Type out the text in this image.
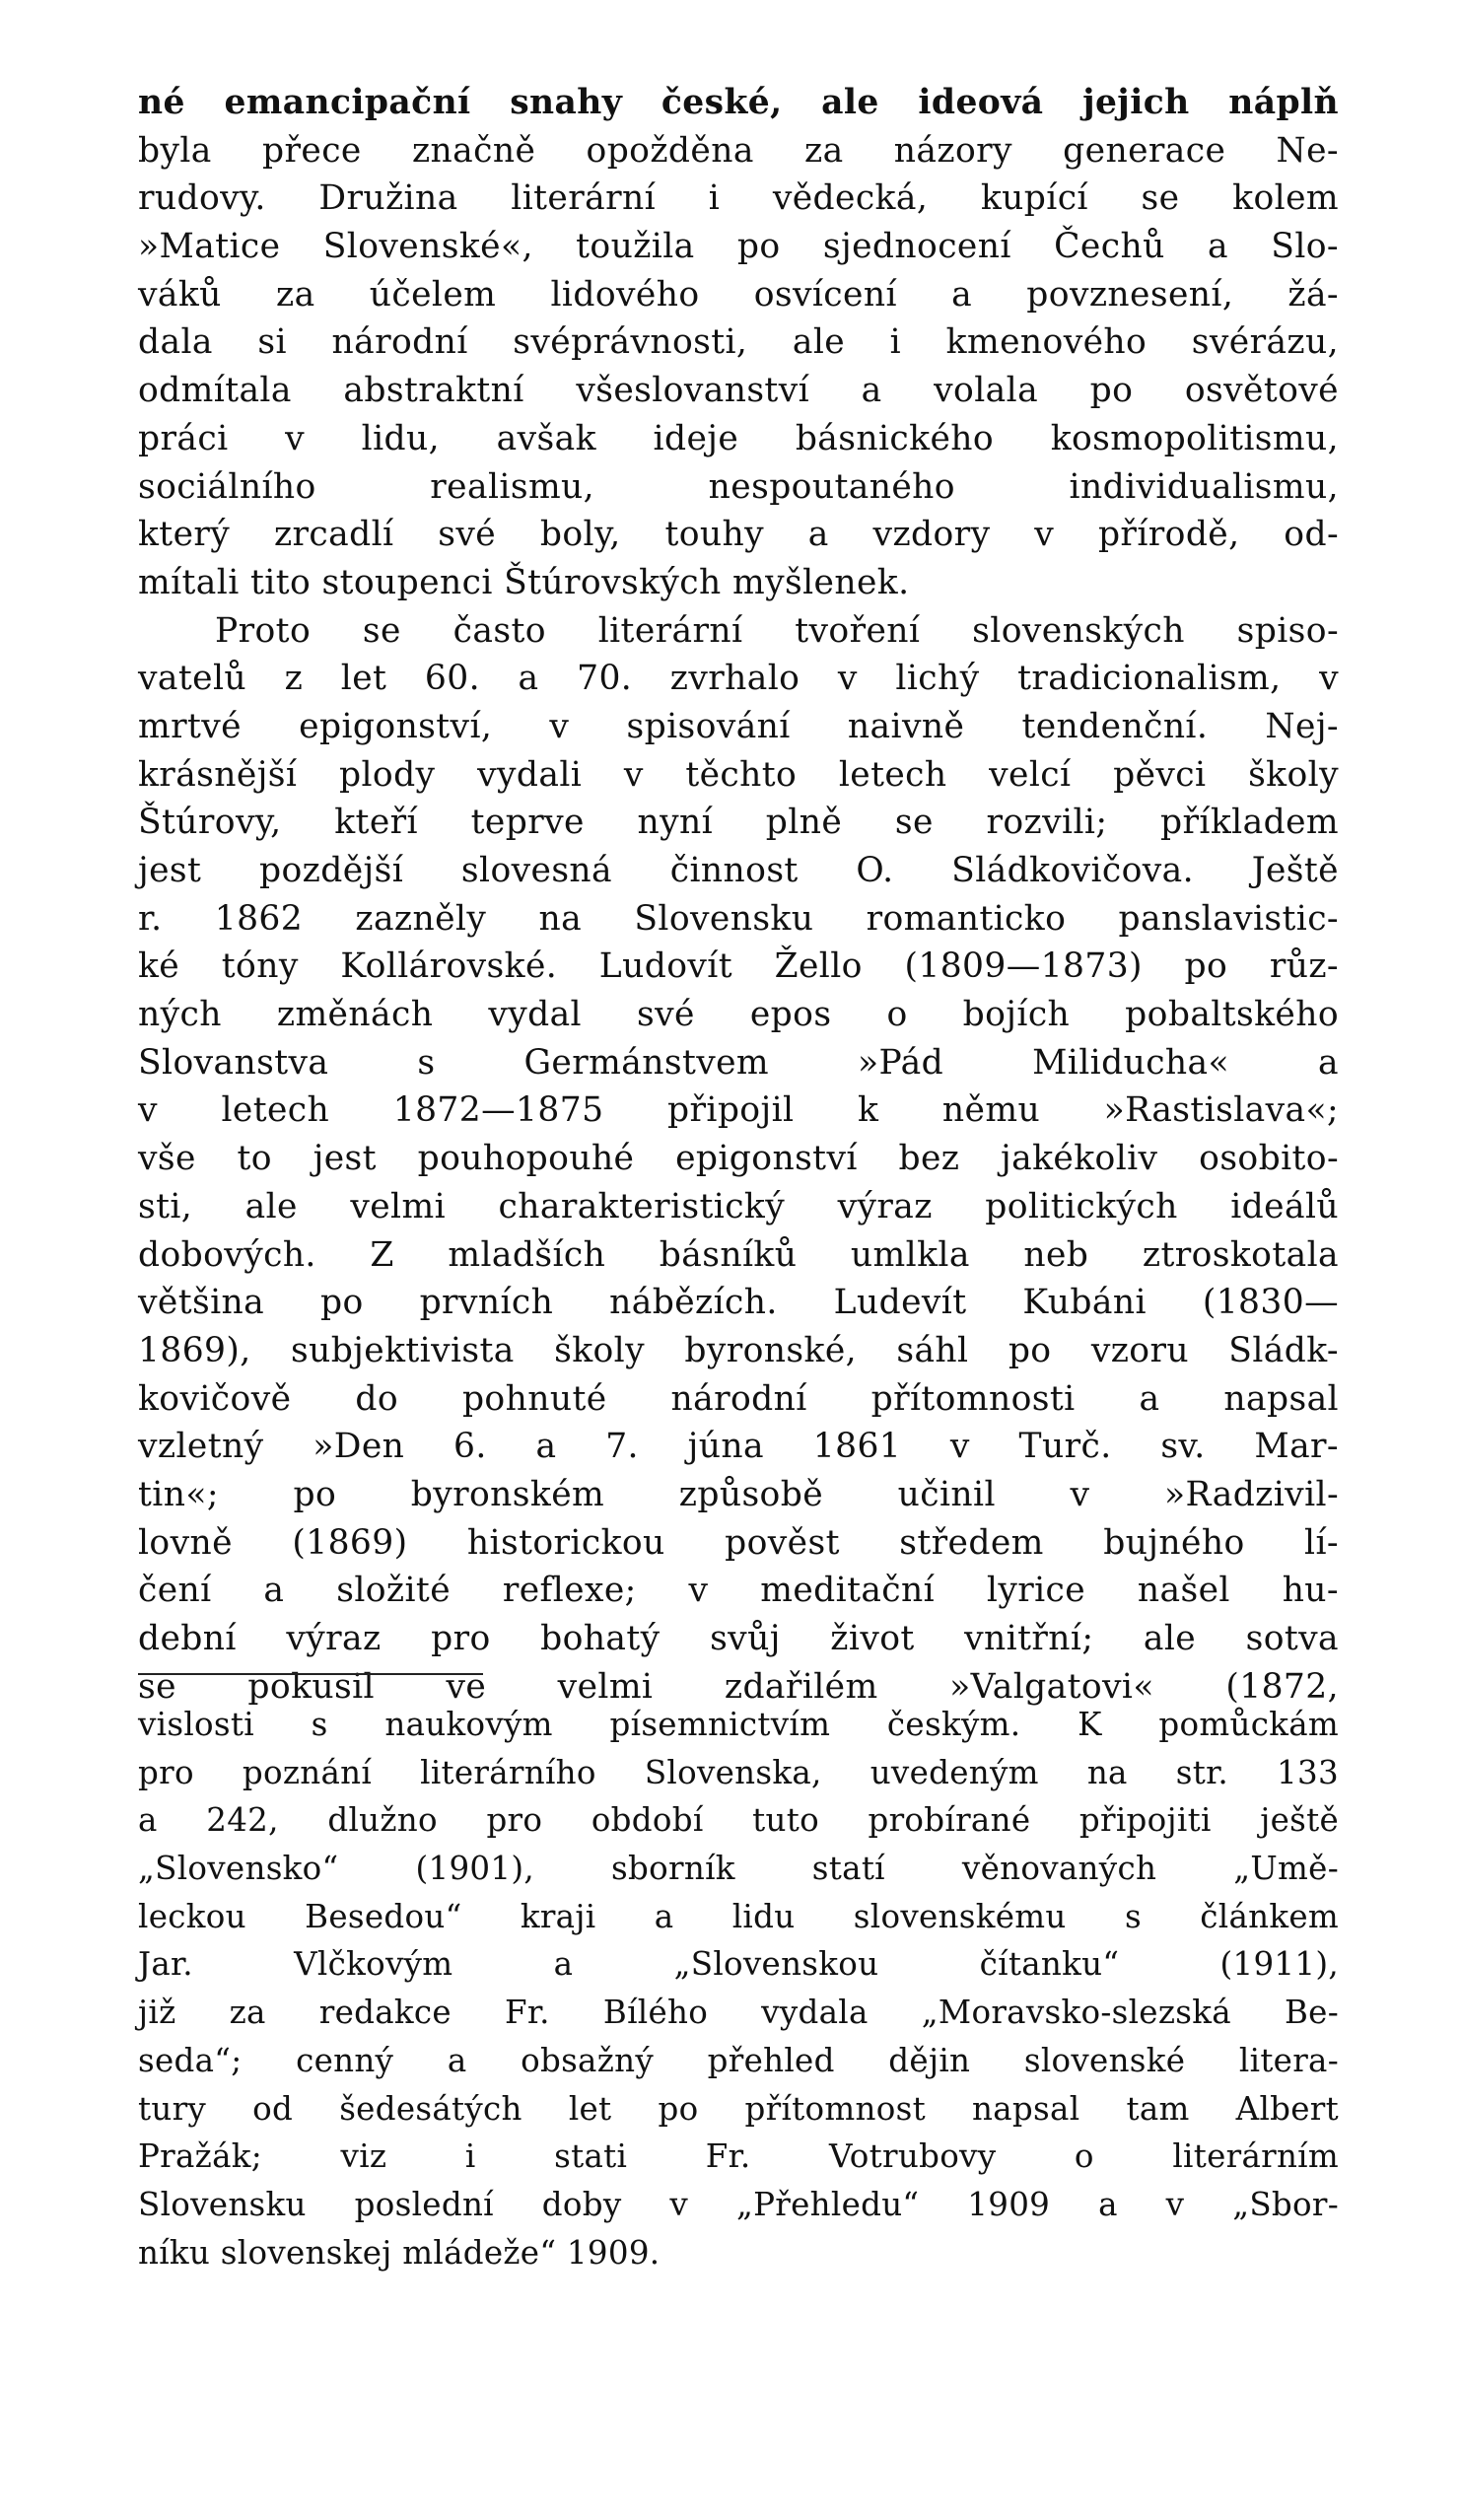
né emancipační snahy české, ale ideová jejich náplň
byla přece značně opožděna za názory generace Ne-
rudovy. Družina literární i vědecká, kupící se kolem
»Matice Slovenské«, toužila po sjednocení Čechů a Slo-
váků za účelem lidového osvícení a povznesení, žá-
dala si národní svéprávnosti, ale i kmenového svérázu,
odmítala abstraktní všeslovanství a volala po osvětové
práci v lidu, avšak ideje básnického kosmopolitismu,
sociálního realismu, nespoutaného individualismu,
který zrcadlí své boly, touhy a vzdory v přírodě, od-
mítali tito stoupenci Štúrovských myšlenek.
Proto se často literární tvoření slovenských spiso-
vatelů z let 60. a 70. zvrhalo v lichý tradicionalism, v
mrtvé epigonství, v spisování naivně tendenční. Nej-
krásnější plody vydali v těchto letech velcí pěvci školy
Štúrovy, kteří teprve nyní plně se rozvili; příkladem
jest pozdější slovesná činnost O. Sládkovičova. Ještě
r. 1862 zazněly na Slovensku romanticko panslavistic-
ké tóny Kollárovské. Ludovít Žello (1809—1873) po růz-
ných změnách vydal své epos o bojích pobaltského
Slovanstva s Germánstvem »Pád Miliducha« a
v letech 1872—1875 připojil k němu »Rastislava«;
vše to jest pouhopouhé epigonství bez jakékoliv osobito-
sti, ale velmi charakteristický výraz politických ideálů
dobových. Z mladších básníků umlkla neb ztroskotala
většina po prvních nábězích. Ludevít Kubáni (1830—
1869), subjektivista školy byronské, sáhl po vzoru Sládk-
kovičově do pohnuté národní přítomnosti a napsal
vzletný »Den 6. a 7. júna 1861 v Turč. sv. Mar-
tin«; po byronském způsobě učinil v »Radzivil-
lovně (1869) historickou pověst středem bujného lí-
čení a složité reflexe; v meditační lyrice našel hu-
dební výraz pro bohatý svůj život vnitřní; ale sotva
se pokusil ve velmi zdařilém »Valgatovi« (1872,
vislosti s naukovým písemnictvím českým. K pomůckám
pro poznání literárního Slovenska, uvedeným na str. 133
a 242, dlužno pro období tuto probírané připojiti ještě
„Slovensko“ (1901), sborník statí věnovaných „Umě-
leckou Besedou“ kraji a lidu slovenskému s článkem
Jar. Vlčkovým a „Slovenskou čítanku“ (1911),
již za redakce Fr. Bílého vydala „Moravsko-slezská Be-
seda“; cenný a obsažný přehled dějin slovenské litera-
tury od šedesátých let po přítomnost napsal tam Albert
Pražák; viz i stati Fr. Votrubovy o literárním
Slovensku poslední doby v „Přehledu“ 1909 a v „Sbor-
níku slovenskej mládeže“ 1909.
